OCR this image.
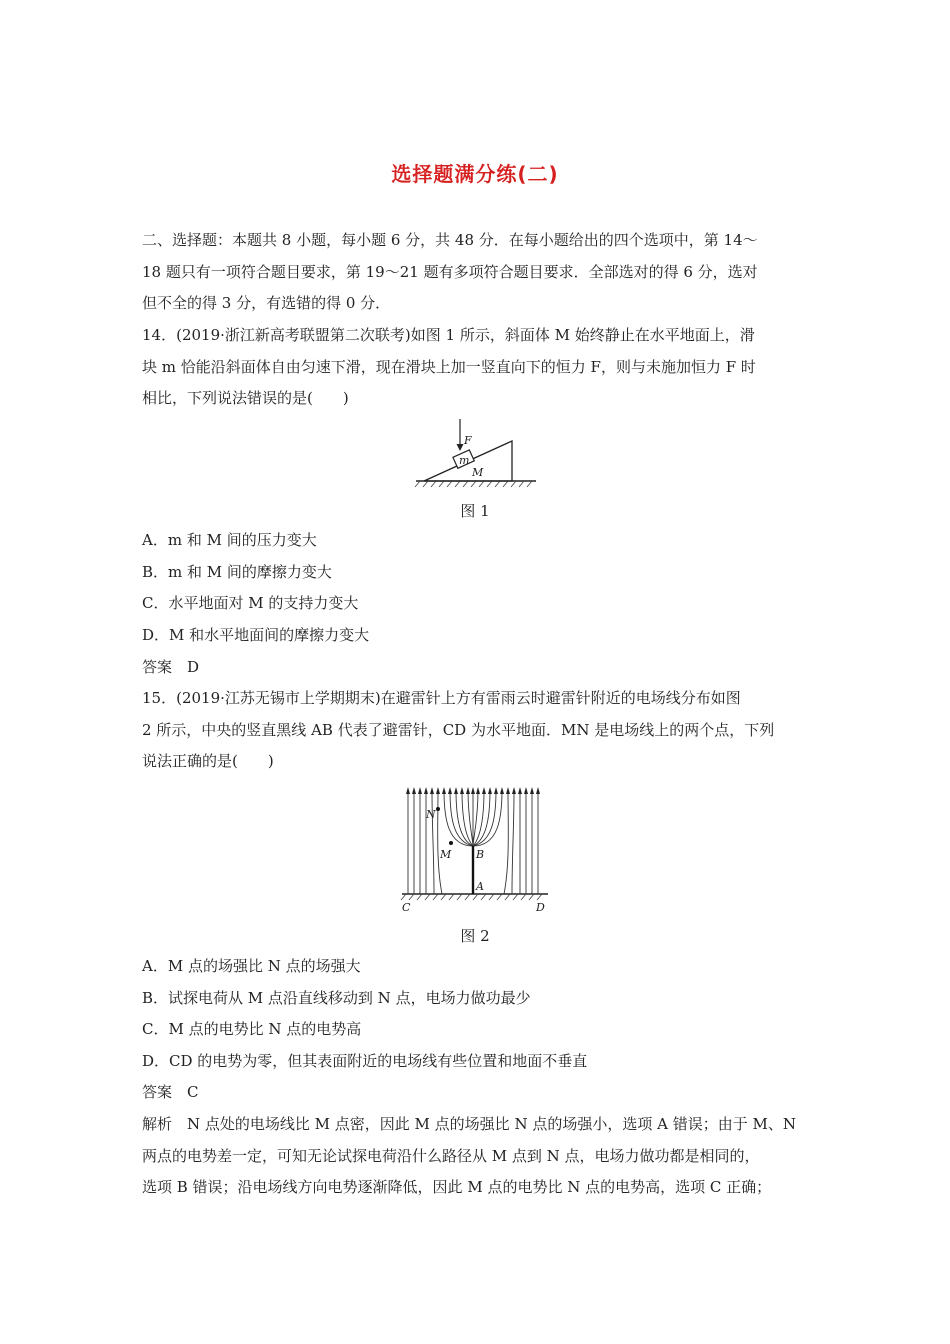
选择题满分练(二)
二、选择题：本题共 8 小题，每小题 6 分，共 48 分．在每小题给出的四个选项中，第 14～
18 题只有一项符合题目要求，第 19～21 题有多项符合题目要求．全部选对的得 6 分，选对
但不全的得 3 分，有选错的得 0 分．
14．(2019·浙江新高考联盟第二次联考)如图 1 所示，斜面体 M 始终静止在水平地面上，滑
块 m 恰能沿斜面体自由匀速下滑，现在滑块上加一竖直向下的恒力 F，则与未施加恒力 F 时
相比，下列说法错误的是(　　)
F
m
M
图 1
A．m 和 M 间的压力变大
B．m 和 M 间的摩擦力变大
C．水平地面对 M 的支持力变大
D．M 和水平地面间的摩擦力变大
答案　D
15．(2019·江苏无锡市上学期期末)在避雷针上方有雷雨云时避雷针附近的电场线分布如图
2 所示，中央的竖直黑线 AB 代表了避雷针，CD 为水平地面．MN 是电场线上的两个点，下列
说法正确的是(　　)
N
M B
A
C	D
图 2
A．M 点的场强比 N 点的场强大
B．试探电荷从 M 点沿直线移动到 N 点，电场力做功最少
C．M 点的电势比 N 点的电势高
D．CD 的电势为零，但其表面附近的电场线有些位置和地面不垂直
答案　C
解析　N 点处的电场线比 M 点密，因此 M 点的场强比 N 点的场强小，选项 A 错误；由于 M、N
两点的电势差一定，可知无论试探电荷沿什么路径从 M 点到 N 点，电场力做功都是相同的，
选项 B 错误；沿电场线方向电势逐渐降低，因此 M 点的电势比 N 点的电势高，选项 C 正确；
